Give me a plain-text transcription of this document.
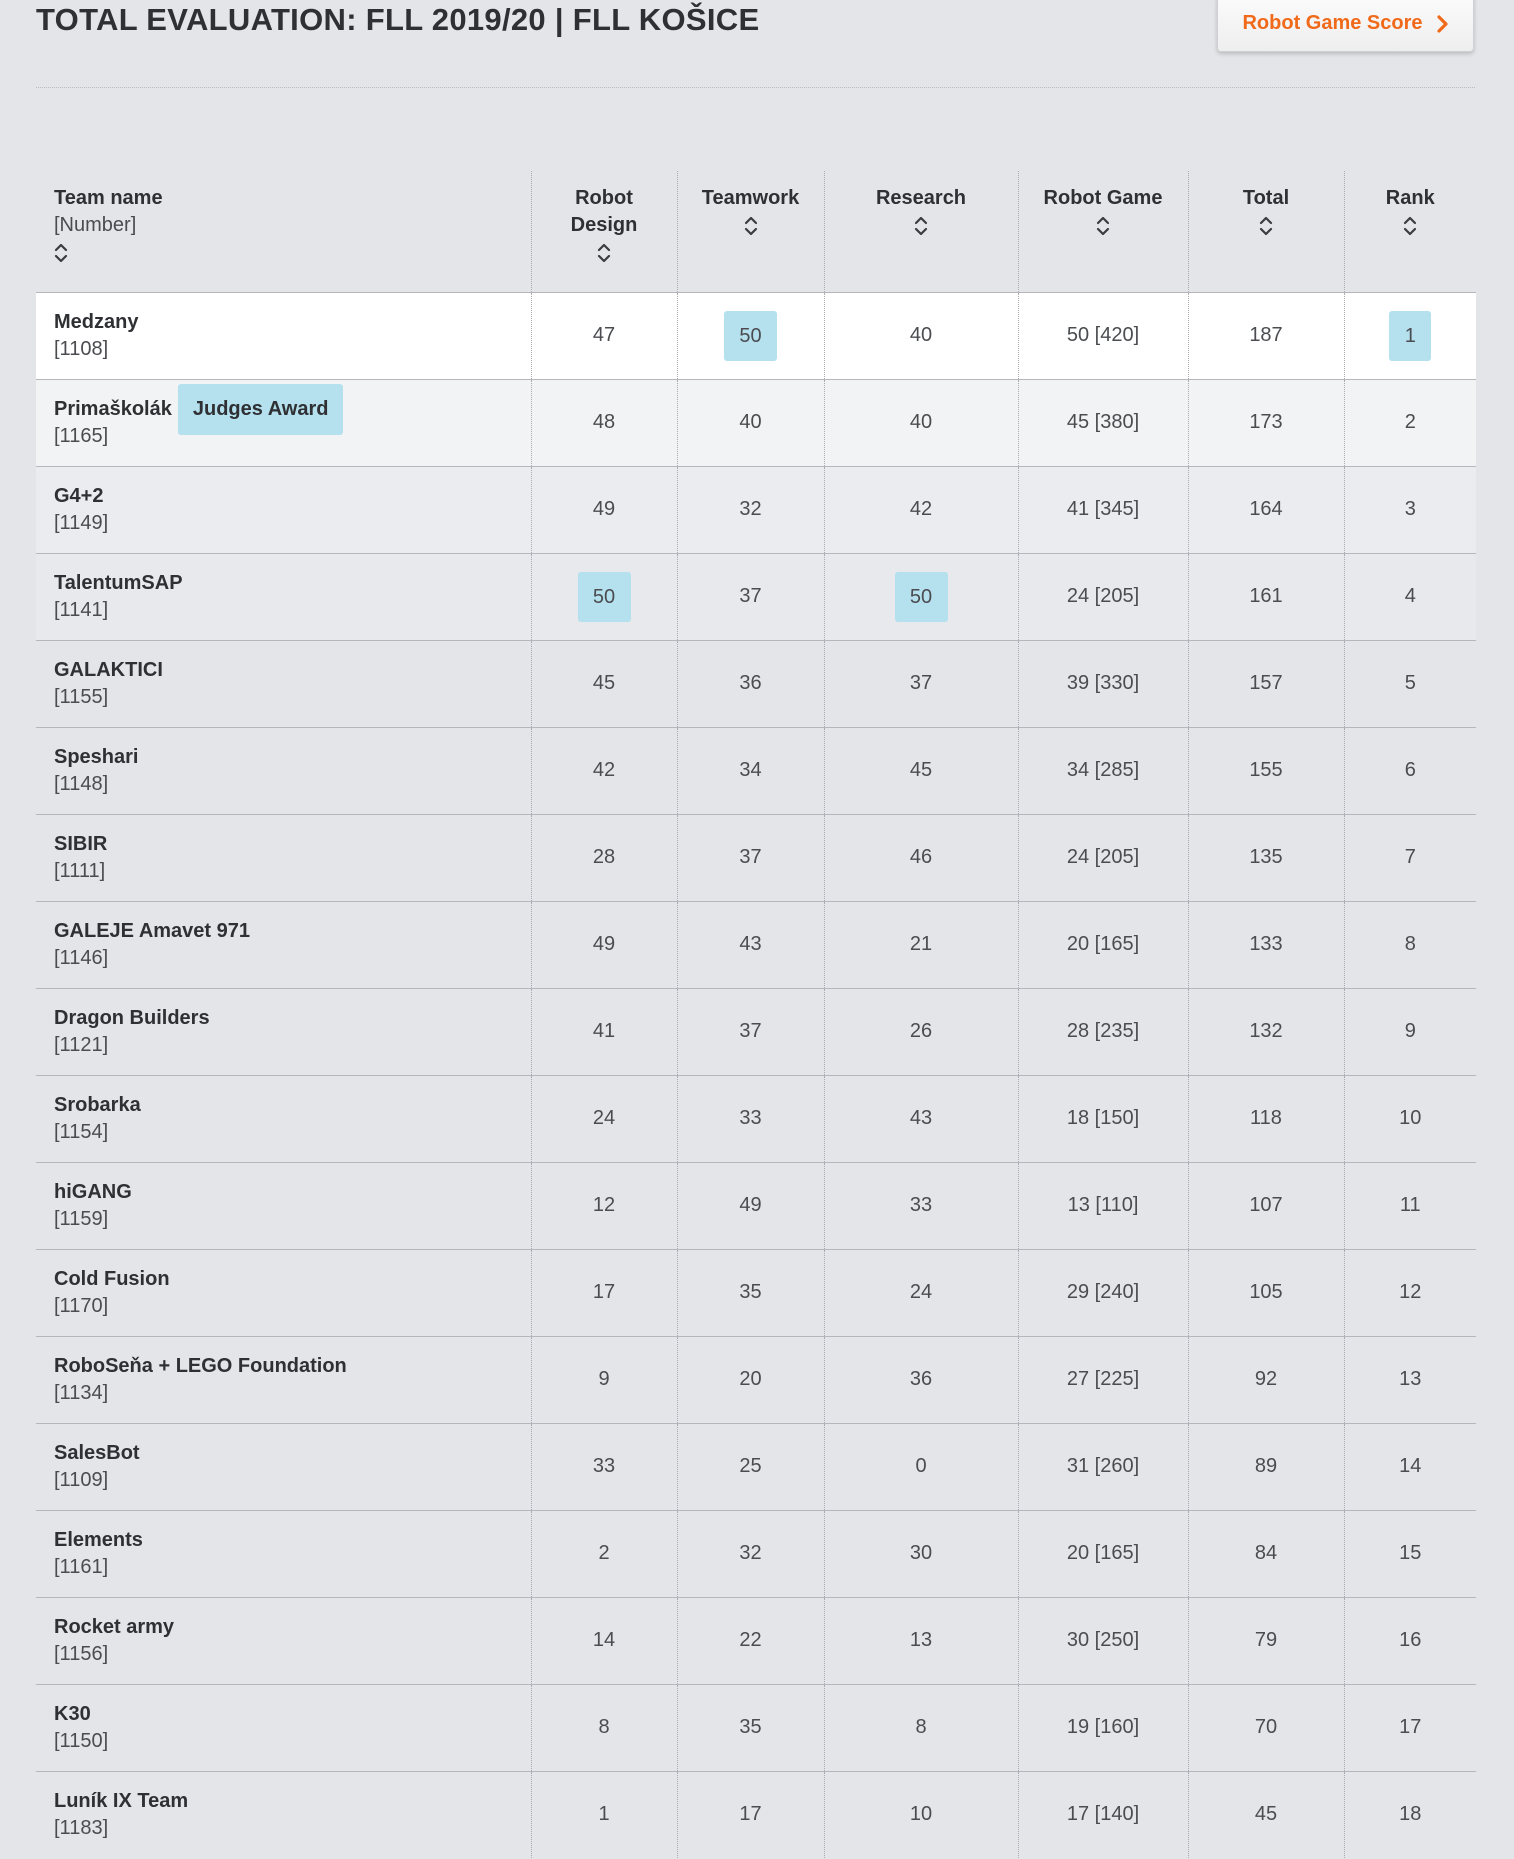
TOTAL EVALUATION: FLL 2019/20 | FLL KOŠICE	Robot Game Score
Team name
[Number]	Robot
Design	Teamwork	Research	Robot Game	Total	Rank

Medzany
[1108]	47	50	40	50 [420]	187	1

Primaškolák Judges Award
[1165]	48	40	40	45 [380]	173	2

G4+2
[1149]	49	32	42	41 [345]	164	3

TalentumSAP
[1141]	50	37	50	24 [205]	161	4

GALAKTICI
[1155]	45	36	37	39 [330]	157	5

Speshari
[1148]	42	34	45	34 [285]	155	6

SIBIR
[1111]	28	37	46	24 [205]	135	7

GALEJE Amavet 971
[1146]	49	43	21	20 [165]	133	8

Dragon Builders
[1121]	41	37	26	28 [235]	132	9

Srobarka
[1154]	24	33	43	18 [150]	118	10

hiGANG
[1159]	12	49	33	13 [110]	107	11

Cold Fusion
[1170]	17	35	24	29 [240]	105	12

RoboSeňa + LEGO Foundation
[1134]	9	20	36	27 [225]	92	13

SalesBot
[1109]	33	25	0	31 [260]	89	14

Elements
[1161]	2	32	30	20 [165]	84	15

Rocket army
[1156]	14	22	13	30 [250]	79	16

K30
[1150]	8	35	8	19 [160]	70	17

Luník IX Team
[1183]	1	17	10	17 [140]	45	18
